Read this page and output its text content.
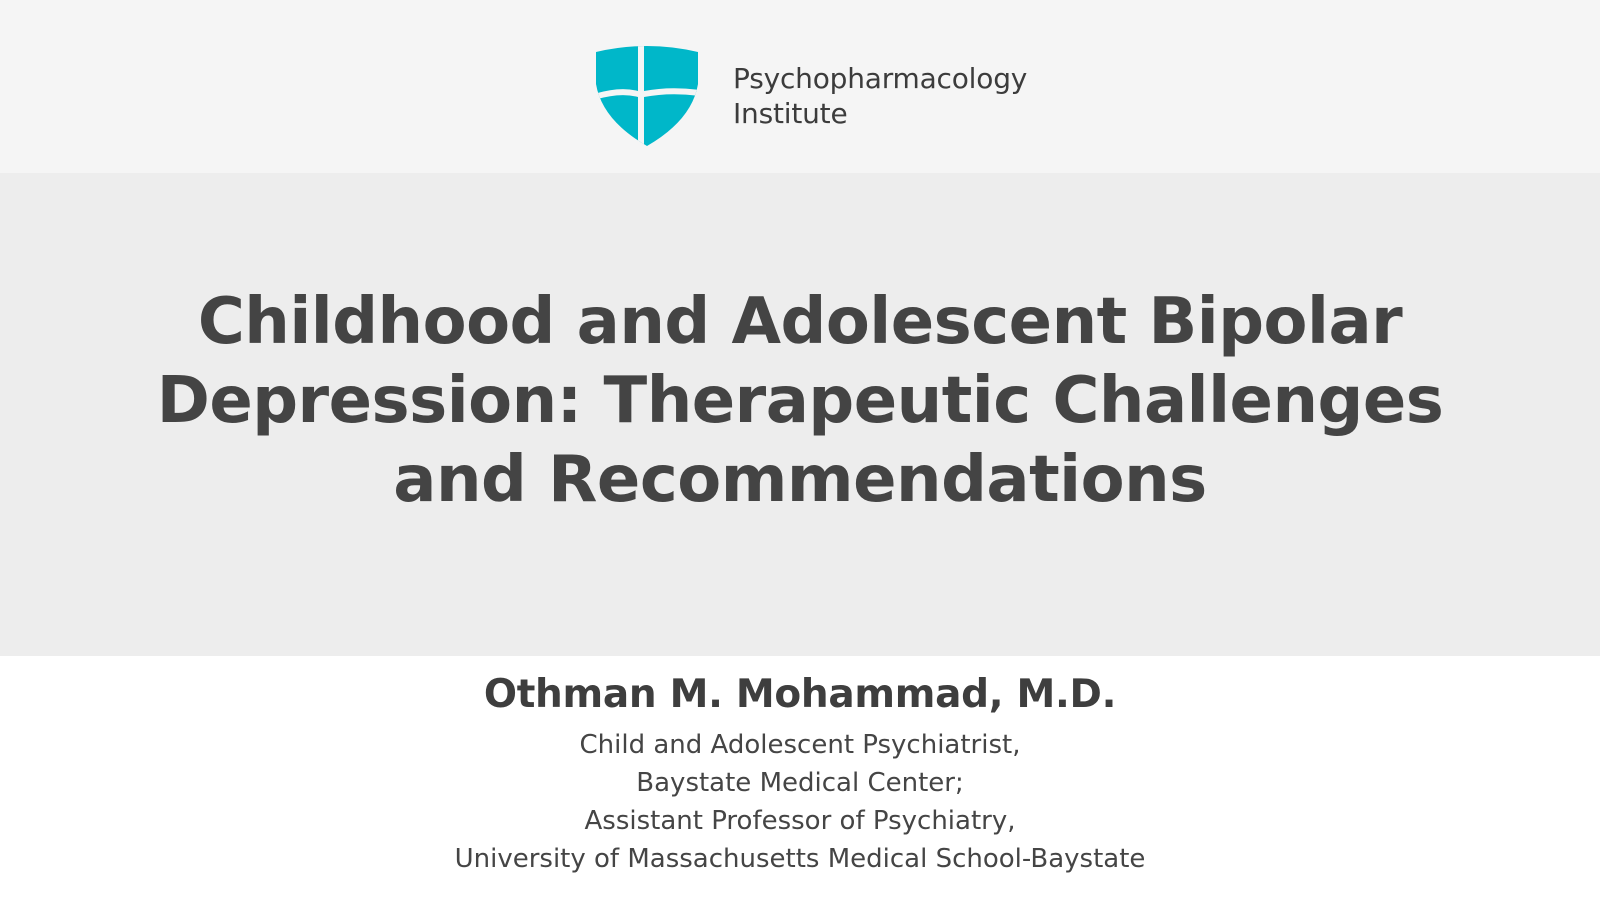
Psychopharmacology
Institute
Childhood and Adolescent Bipolar
Depression: Therapeutic Challenges
and Recommendations
Othman M. Mohammad, M.D.
Child and Adolescent Psychiatrist,
Baystate Medical Center;
Assistant Professor of Psychiatry,
University of Massachusetts Medical School-Baystate
